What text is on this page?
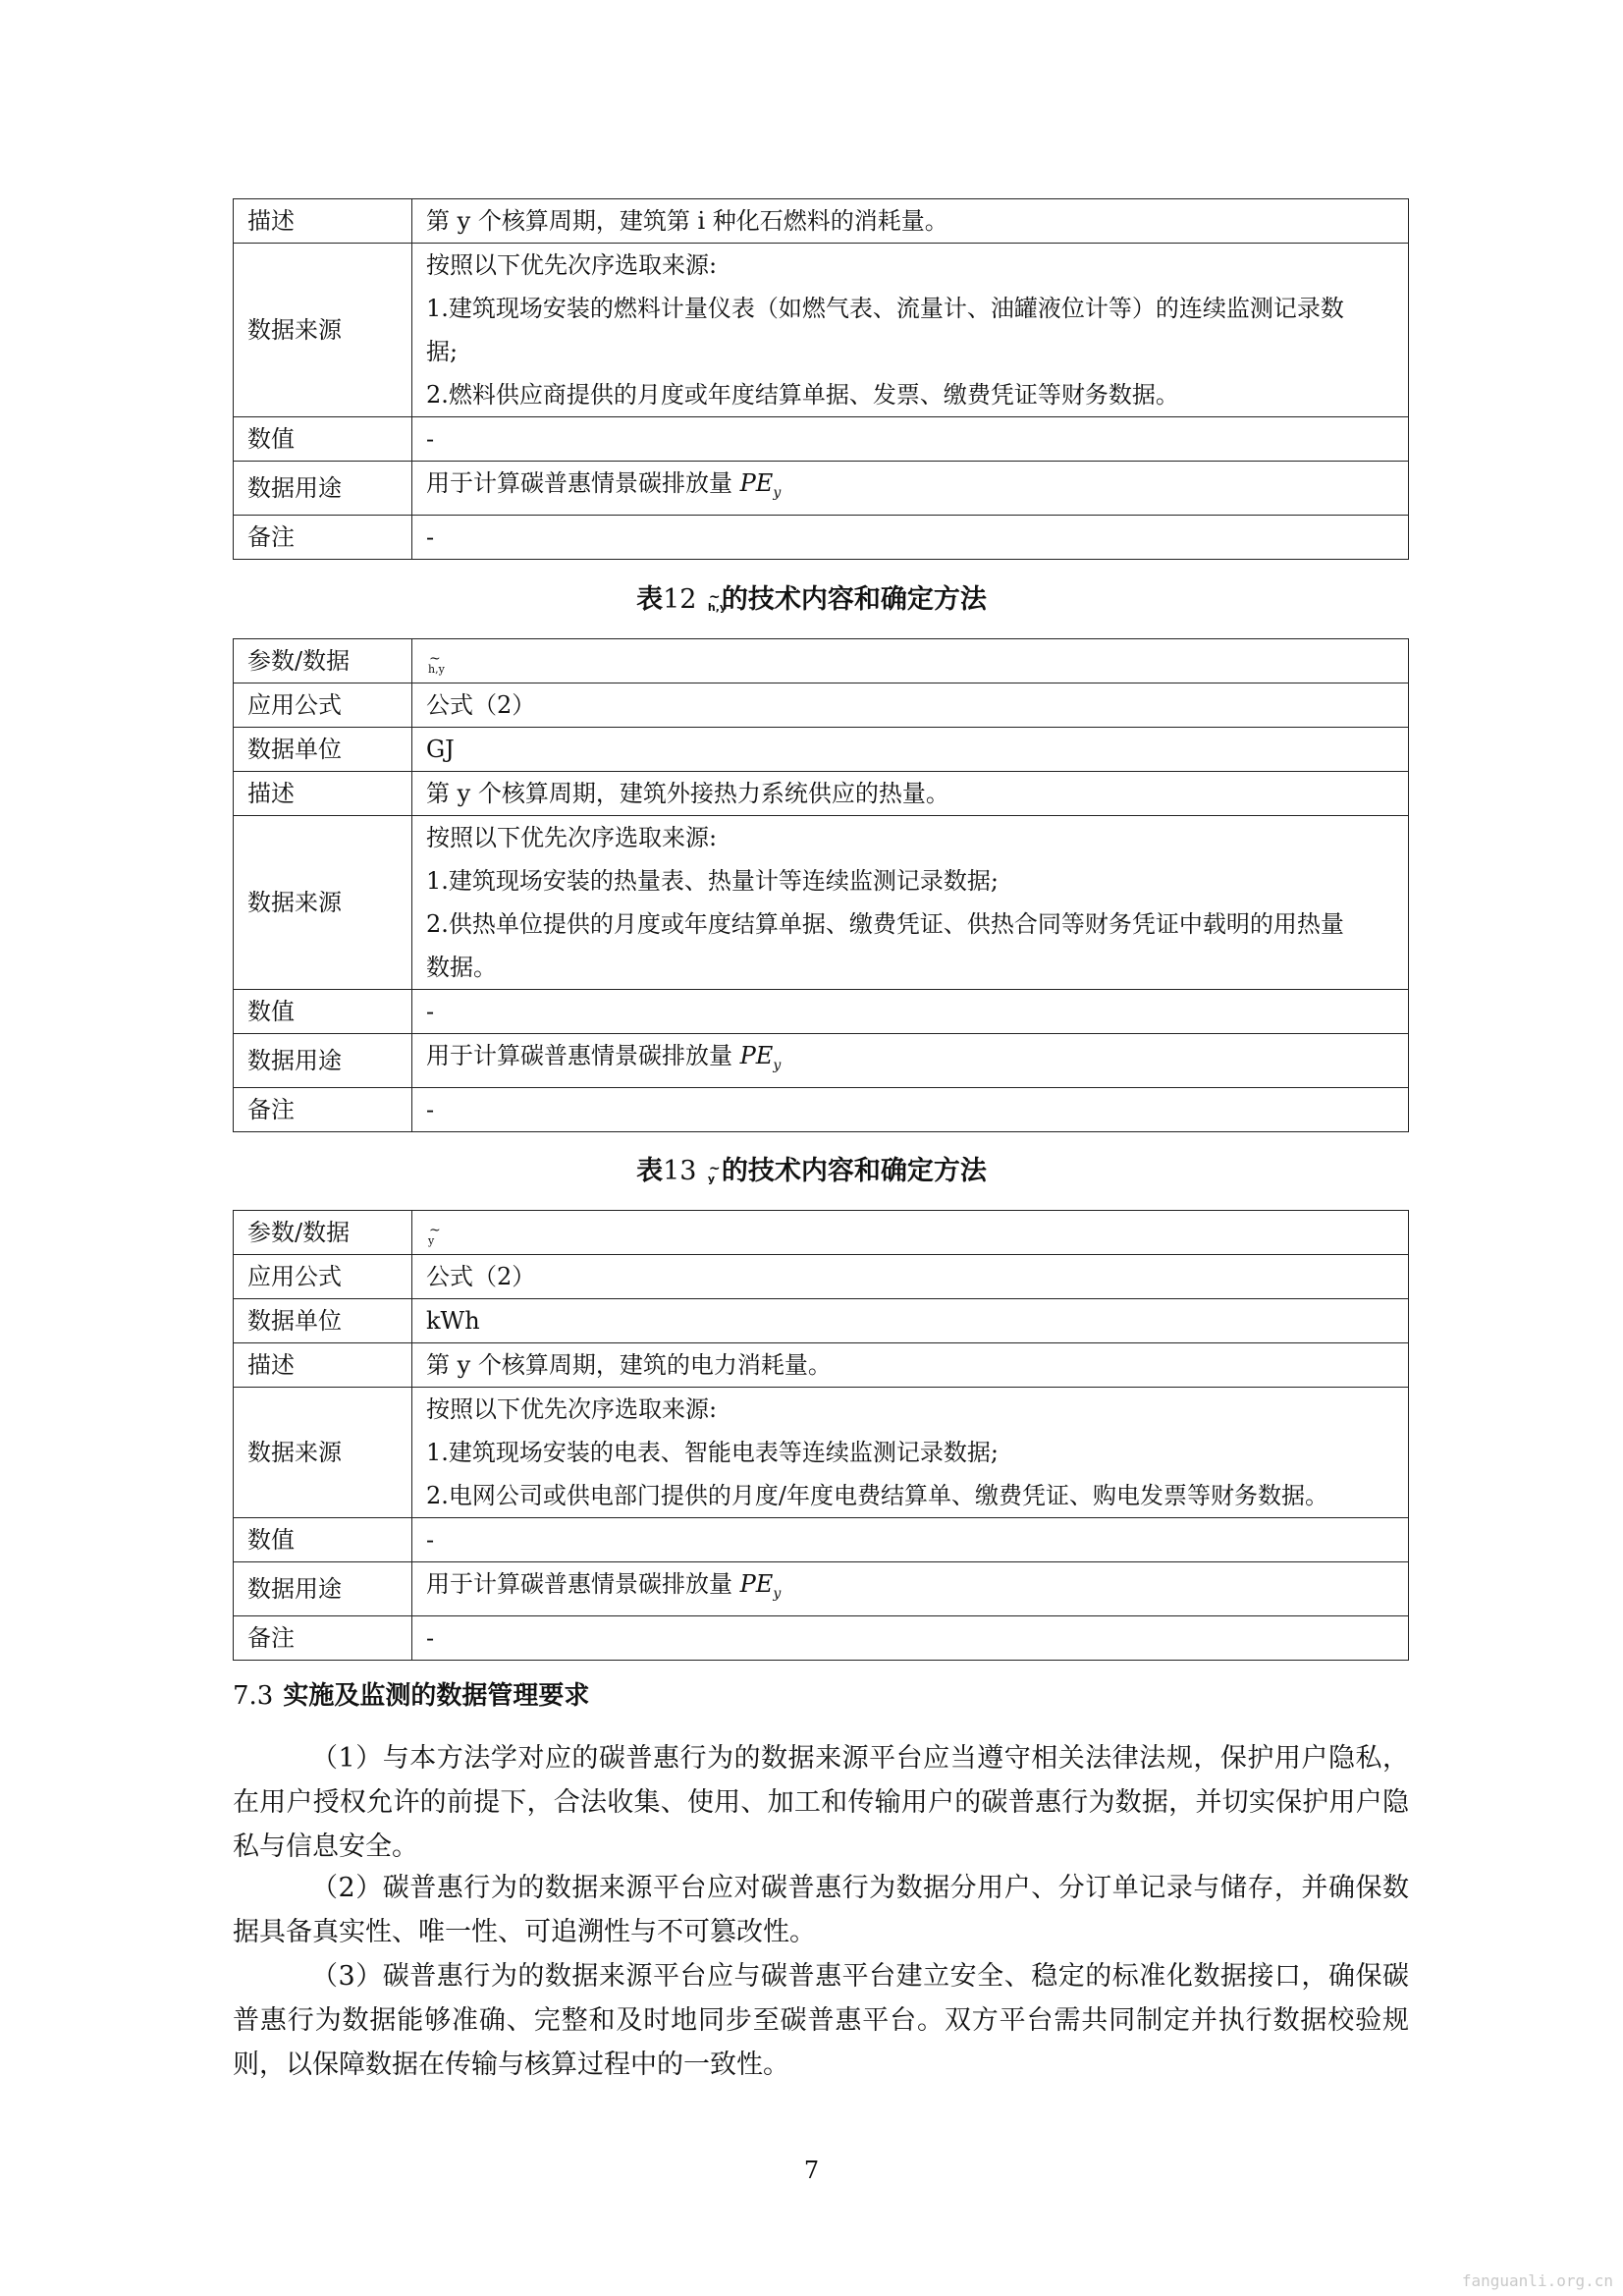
描述	第 y 个核算周期，建筑第 i 种化石燃料的消耗量。
数据来源	按照以下优先次序选取来源:
1.建筑现场安装的燃料计量仪表（如燃气表、流量计、油罐液位计等）的连续监测记录数
据;
2.燃料供应商提供的月度或年度结算单据、发票、缴费凭证等财务数据。

数值	-
数据用途	用于计算碳普惠情景碳排放量 $PE_y$
备注	-
表12 ~
h,y
的技术内容和确定方法
参数/数据	~
h,y

应用公式	公式（2）
数据单位	GJ
描述	第 y 个核算周期，建筑外接热力系统供应的热量。
数据来源	按照以下优先次序选取来源:
1.建筑现场安装的热量表、热量计等连续监测记录数据;
2.供热单位提供的月度或年度结算单据、缴费凭证、供热合同等财务凭证中载明的用热量
数据。

数值	-
数据用途	用于计算碳普惠情景碳排放量 $PE_y$
备注	-
表13 ~
y 的技术内容和确定方法
参数/数据	~
y

应用公式	公式（2）
数据单位	kWh
描述	第 y 个核算周期，建筑的电力消耗量。
数据来源	按照以下优先次序选取来源:
1.建筑现场安装的电表、智能电表等连续监测记录数据;
2.电网公司或供电部门提供的月度/年度电费结算单、缴费凭证、购电发票等财务数据。

数值	-
数据用途	用于计算碳普惠情景碳排放量 $PE_y$
备注	-
7.3 实施及监测的数据管理要求
（1）与本方法学对应的碳普惠行为的数据来源平台应当遵守相关法律法规，保护用户隐私，在用户授权允许的前提下，合法收集、使用、加工和传输用户的碳普惠行为数据，并切实保护用户隐私与信息安全。
（2）碳普惠行为的数据来源平台应对碳普惠行为数据分用户、分订单记录与储存，并确保数据具备真实性、唯一性、可追溯性与不可篡改性。
（3）碳普惠行为的数据来源平台应与碳普惠平台建立安全、稳定的标准化数据接口，确保碳普惠行为数据能够准确、完整和及时地同步至碳普惠平台。双方平台需共同制定并执行数据校验规则，以保障数据在传输与核算过程中的一致性。
7
fanguanli.org.cn
